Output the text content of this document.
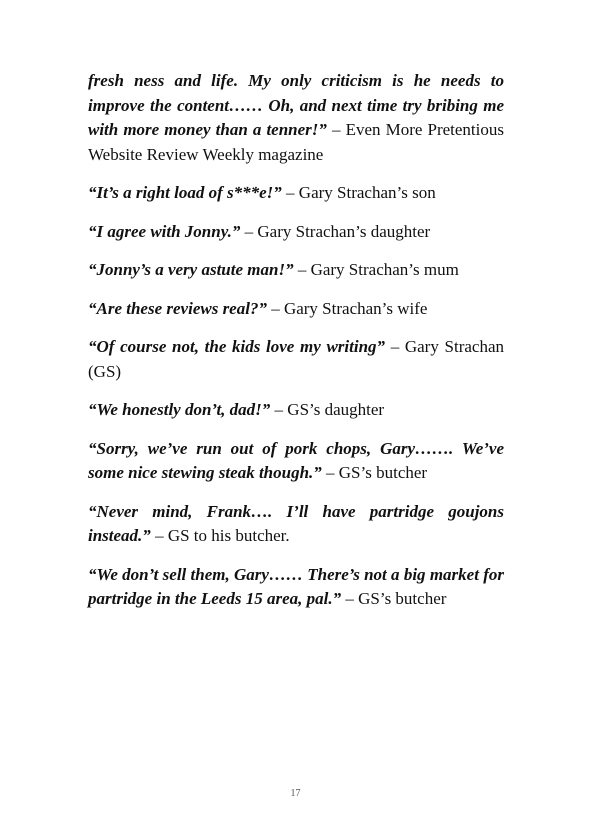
fresh ness and life. My only criticism is he needs to improve the content…… Oh, and next time try bribing me with more money than a tenner!” – Even More Pretentious Website Review Weekly magazine

“It’s a right load of s***e!” – Gary Strachan’s son

“I agree with Jonny.” – Gary Strachan’s daughter

“Jonny’s a very astute man!” – Gary Strachan’s mum

“Are these reviews real?” – Gary Strachan’s wife

“Of course not, the kids love my writing” – Gary Strachan (GS)

“We honestly don’t, dad!” – GS’s daughter

“Sorry, we’ve run out of pork chops, Gary……. We’ve some nice stewing steak though.” – GS’s butcher

“Never mind, Frank…. I’ll have partridge goujons instead.” – GS to his butcher.

“We don’t sell them, Gary…… There’s not a big market for partridge in the Leeds 15 area, pal.” – GS’s butcher

17
